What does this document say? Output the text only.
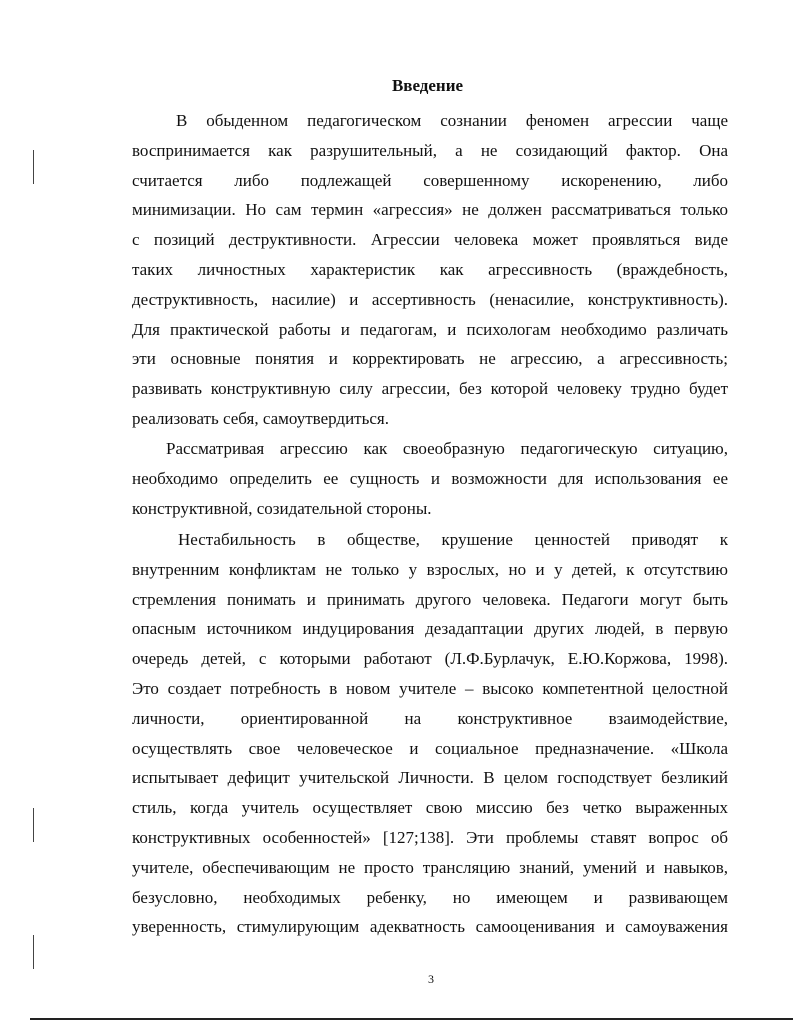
Введение
В обыденном педагогическом сознании феномен агрессии чаще
воспринимается как разрушительный, а не созидающий фактор. Она
считается либо подлежащей совершенному искоренению, либо
минимизации. Но сам термин «агрессия» не должен рассматриваться только
с позиций деструктивности. Агрессии человека может проявляться виде
таких личностных характеристик как агрессивность (враждебность,
деструктивность, насилие) и ассертивность (ненасилие, конструктивность).
Для практической работы и педагогам, и психологам необходимо различать
эти основные понятия и корректировать не агрессию, а агрессивность;
развивать конструктивную силу агрессии, без которой человеку трудно будет
реализовать себя, самоутвердиться.
Рассматривая агрессию как своеобразную педагогическую ситуацию,
необходимо определить ее сущность и возможности для использования ее
конструктивной, созидательной стороны.
Нестабильность в обществе, крушение ценностей приводят к
внутренним конфликтам не только у взрослых, но и у детей, к отсутствию
стремления понимать и принимать другого человека. Педагоги могут быть
опасным источником индуцирования дезадаптации других людей, в первую
очередь детей, с которыми работают (Л.Ф.Бурлачук, Е.Ю.Коржова, 1998).
Это создает потребность в новом учителе – высоко компетентной целостной
личности, ориентированной на конструктивное взаимодействие,
осуществлять свое человеческое и социальное предназначение. «Школа
испытывает дефицит учительской Личности. В целом господствует безликий
стиль, когда учитель осуществляет свою миссию без четко выраженных
конструктивных особенностей» [127;138]. Эти проблемы ставят вопрос об
учителе, обеспечивающим не просто трансляцию знаний, умений и навыков,
безусловно, необходимых ребенку, но имеющем и развивающем
уверенность, стимулирующим адекватность самооценивания и самоуважения
3
